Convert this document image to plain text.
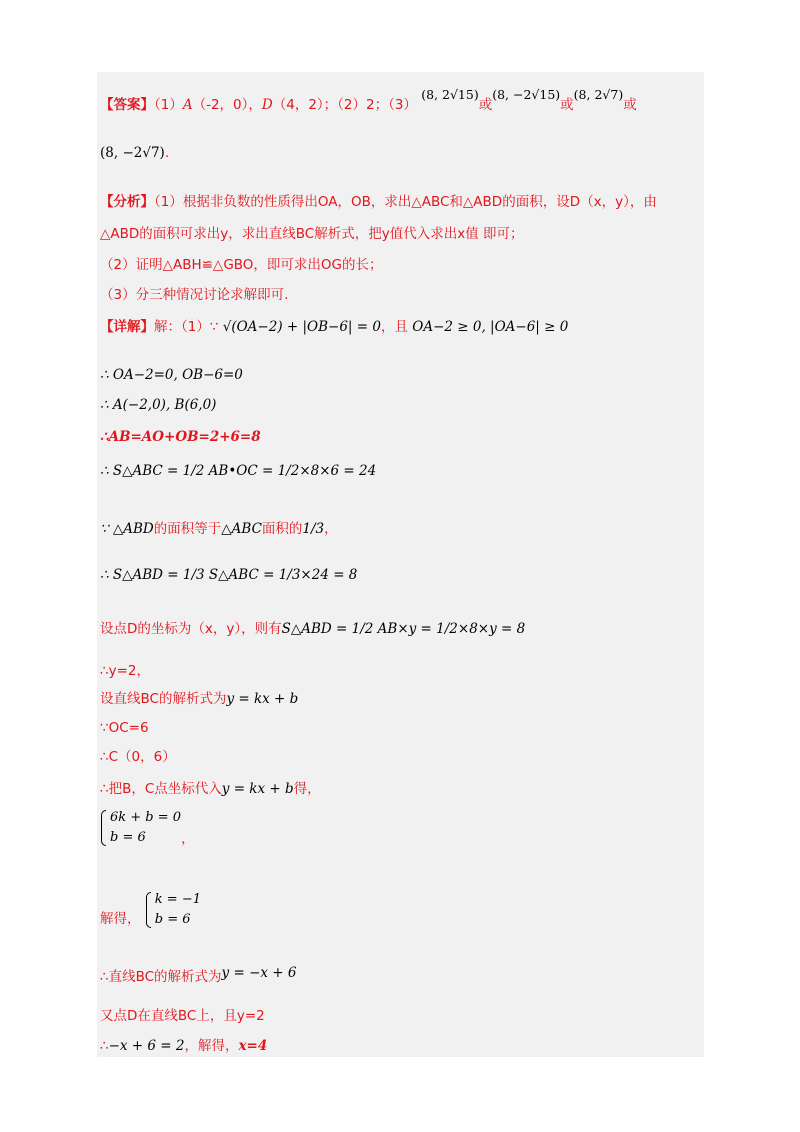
【答案】（1）A（-2，0），D（4，2）；（2）2；（3） (8, 2√15)或(8, −2√15)或(8, 2√7)或
(8, −2√7).
【分析】（1）根据非负数的性质得出OA，OB，求出△ABC和△ABD的面积，设D（x，y），由
△ABD的面积可求出y，求出直线BC解析式，把y值代入求出x值 即可；
（2）证明△ABH≌△GBO，即可求出OG的长；
（3）分三种情况讨论求解即可.
【详解】解：（1）∵ √(OA−2) + |OB−6| = 0，且 OA−2 ≥ 0, |OA−6| ≥ 0
∴ OA−2=0, OB−6=0
∴ A(−2,0), B(6,0)
∴AB=AO+OB=2+6=8
∴ S△ABC = 1/2 AB•OC = 1/2×8×6 = 24
∵ △ABD的面积等于△ABC面积的1/3，
∴ S△ABD = 1/3 S△ABC = 1/3×24 = 8
设点D的坐标为（x，y），则有S△ABD = 1/2 AB×y = 1/2×8×y = 8
∴y=2，
设直线BC的解析式为y = kx + b
∵OC=6
∴C（0，6）
∴把B，C点坐标代入y = kx + b得，
6k + b = 0
b = 6	，
解得， k = −1
b = 6
∴直线BC的解析式为y = −x + 6
又点D在直线BC上，且y=2
∴−x + 6 = 2，解得，x=4
